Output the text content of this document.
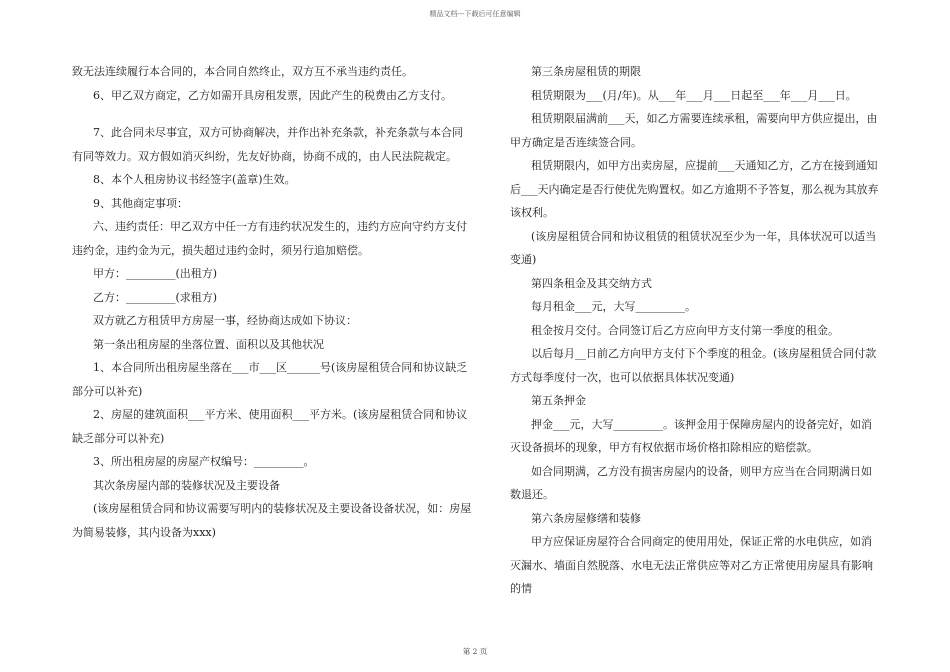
精品文档---下载后可任意编辑

致无法连续履行本合同的，本合同自然终止，双方互不承当违约责任。

6、甲乙双方商定，乙方如需开具房租发票，因此产生的税费由乙方支付。

7、此合同未尽事宜，双方可协商解决，并作出补充条款，补充条款与本合同有同等效力。双方假如消灭纠纷，先友好协商，协商不成的，由人民法院裁定。

8、本个人租房协议书经签字(盖章)生效。

9、其他商定事项：

六、违约责任：甲乙双方中任一方有违约状况发生的，违约方应向守约方支付违约金，违约金为元，损失超过违约金时，须另行追加赔偿。

甲方：_________(出租方)

乙方：_________(求租方)

双方就乙方租赁甲方房屋一事，经协商达成如下协议：

第一条出租房屋的坐落位置、面积以及其他状况

1、本合同所出租房屋坐落在___市___区______号(该房屋租赁合同和协议缺乏部分可以补充)

2、房屋的建筑面积___平方米、使用面积___平方米。(该房屋租赁合同和协议缺乏部分可以补充)

3、所出租房屋的房屋产权编号：_________。

其次条房屋内部的装修状况及主要设备

(该房屋租赁合同和协议需要写明内的装修状况及主要设备设备状况，如：房屋为简易装修，其内设备为xxx)

第三条房屋租赁的期限

租赁期限为___(月/年)。从___年___月___日起至___年___月___日。

租赁期限届满前___天，如乙方需要连续承租，需要向甲方供应提出，由甲方确定是否连续签合同。

租赁期限内，如甲方出卖房屋，应提前___天通知乙方，乙方在接到通知后___天内确定是否行使优先购置权。如乙方逾期不予答复，那么视为其放弃该权利。

(该房屋租赁合同和协议租赁的租赁状况至少为一年，具体状况可以适当变通)

第四条租金及其交纳方式

每月租金___元，大写_________。

租金按月交付。合同签订后乙方应向甲方支付第一季度的租金。

以后每月__日前乙方向甲方支付下个季度的租金。(该房屋租赁合同付款方式每季度付一次，也可以依据具体状况变通)

第五条押金

押金___元，大写_________。该押金用于保障房屋内的设备完好，如消灭设备损坏的现象，甲方有权依据市场价格扣除相应的赔偿款。

如合同期满，乙方没有损害房屋内的设备，则甲方应当在合同期满日如数退还。

第六条房屋修缮和装修

甲方应保证房屋符合合同商定的使用用处，保证正常的水电供应，如消灭漏水、墙面自然脱落、水电无法正常供应等对乙方正常使用房屋具有影响的情

第 2 页
